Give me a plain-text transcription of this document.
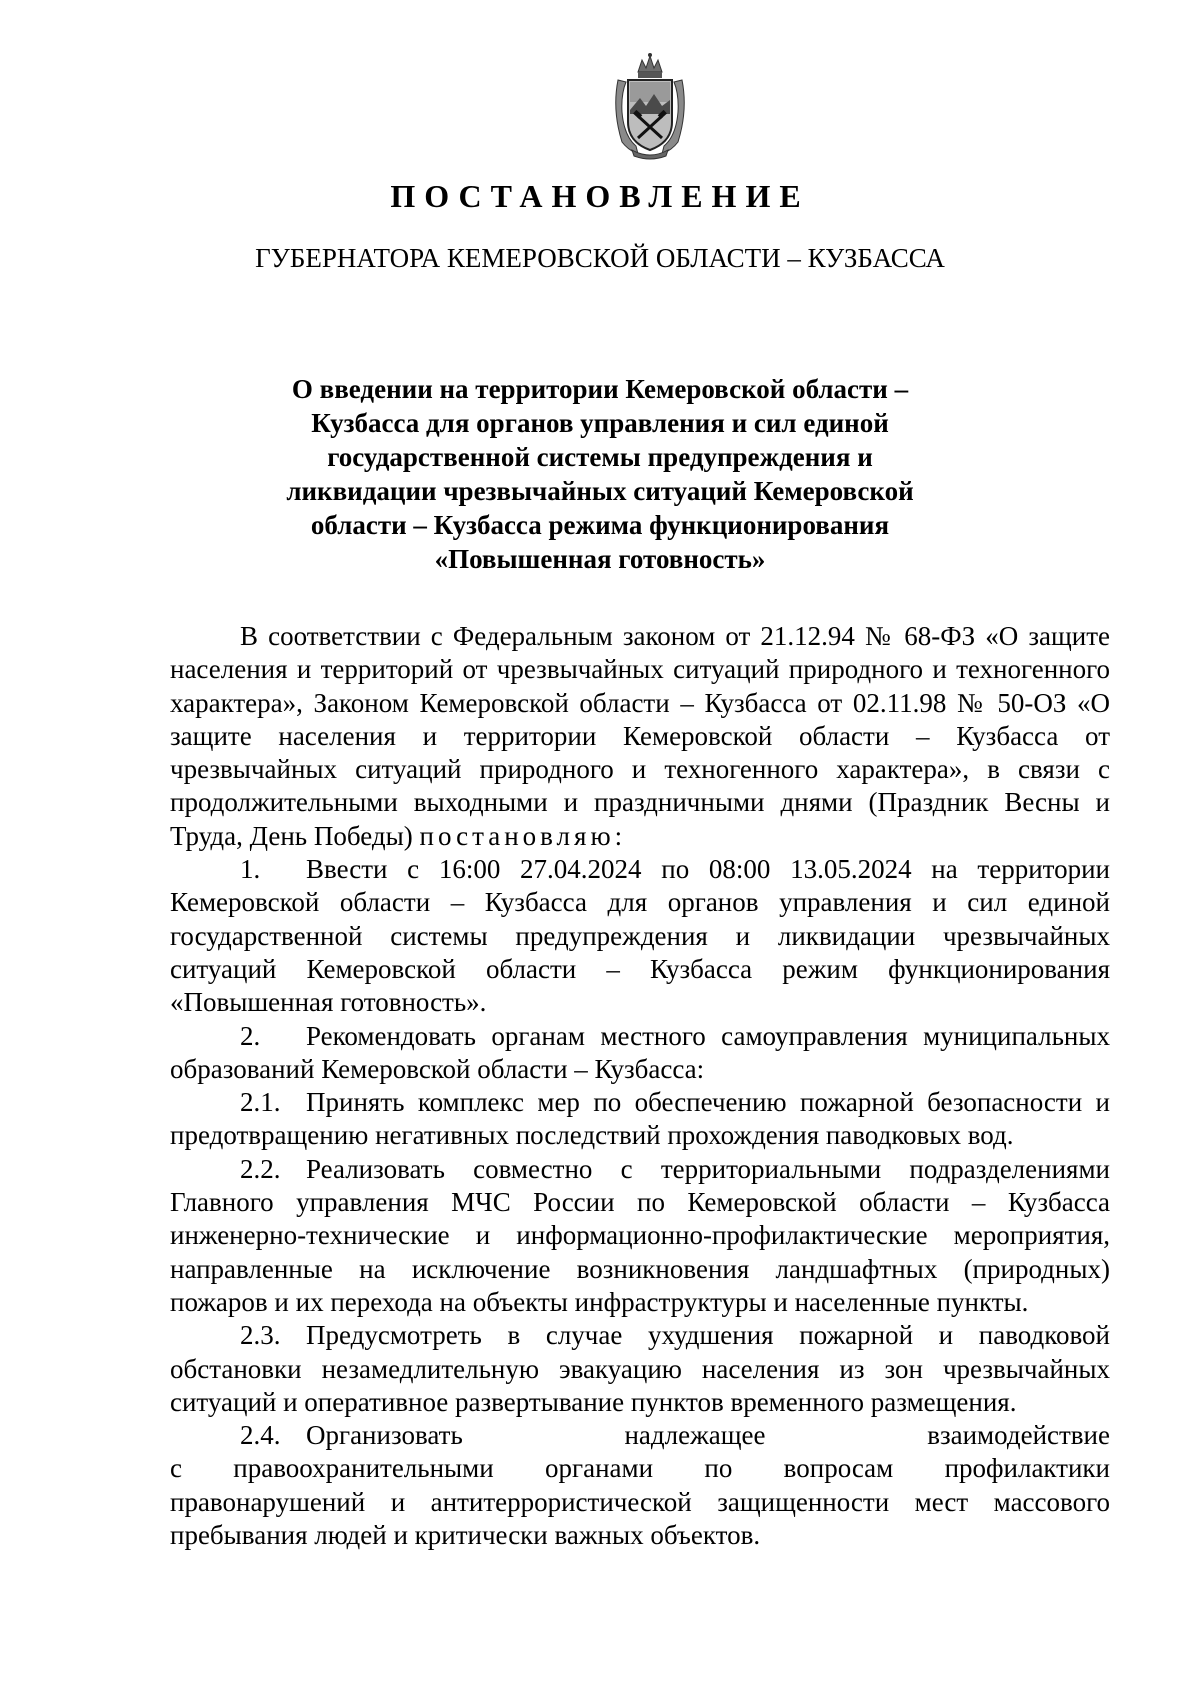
ПОСТАНОВЛЕНИЕ
ГУБЕРНАТОРА КЕМЕРОВСКОЙ ОБЛАСТИ – КУЗБАССА
О введении на территории Кемеровской области –
Кузбасса для органов управления и сил единой
государственной системы предупреждения и
ликвидации чрезвычайных ситуаций Кемеровской
области – Кузбасса режима функционирования
«Повышенная готовность»

В соответствии с Федеральным законом от 21.12.94 № 68-ФЗ «О защите населения и территорий от чрезвычайных ситуаций природного и техногенного характера», Законом Кемеровской области – Кузбасса от 02.11.98 № 50-ОЗ «О защите населения и территории Кемеровской области – Кузбасса от чрезвычайных ситуаций природного и техногенного характера», в связи с продолжительными выходными и праздничными днями (Праздник Весны и Труда, День Победы) постановляю:

1. Ввести с 16:00 27.04.2024 по 08:00 13.05.2024 на территории Кемеровской области – Кузбасса для органов управления и сил единой государственной системы предупреждения и ликвидации чрезвычайных ситуаций Кемеровской области – Кузбасса режим функционирования «Повышенная готовность».

2. Рекомендовать органам местного самоуправления муниципальных образований Кемеровской области – Кузбасса:

2.1. Принять комплекс мер по обеспечению пожарной безопасности и предотвращению негативных последствий прохождения паводковых вод.

2.2. Реализовать совместно с территориальными подразделениями Главного управления МЧС России по Кемеровской области – Кузбасса инженерно-технические и информационно-профилактические мероприятия, направленные на исключение возникновения ландшафтных (природных) пожаров и их перехода на объекты инфраструктуры и населенные пункты.

2.3. Предусмотреть в случае ухудшения пожарной и паводковой обстановки незамедлительную эвакуацию населения из зон чрезвычайных ситуаций и оперативное развертывание пунктов временного размещения.

2.4. Организовать надлежащее взаимодействие
с правоохранительными органами по вопросам профилактики
правонарушений и антитеррористической защищенности мест массового
пребывания людей и критически важных объектов.
